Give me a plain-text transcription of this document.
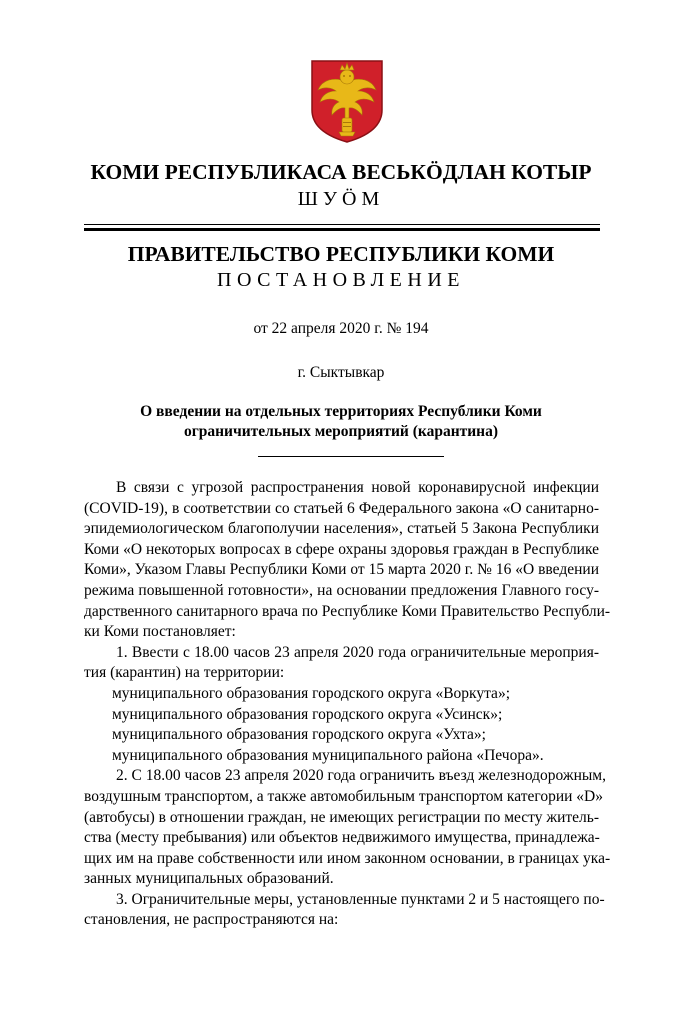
КОМИ РЕСПУБЛИКАСА ВЕСЬКÖДЛАН КОТЫР
ШУÖМ
ПРАВИТЕЛЬСТВО РЕСПУБЛИКИ КОМИ
ПОСТАНОВЛЕНИЕ
от 22 апреля 2020 г. № 194
г. Сыктывкар
О введении на отдельных территориях Республики Коми
ограничительных мероприятий (карантина)
В связи с угрозой распространения новой коронавирусной инфекции
(COVID-19), в соответствии со статьей 6 Федерального закона «О санитарно-
эпидемиологическом благополучии населения», статьей 5 Закона Республики
Коми «О некоторых вопросах в сфере охраны здоровья граждан в Республике
Коми», Указом Главы Республики Коми от 15 марта 2020 г. № 16 «О введении
режима повышенной готовности», на основании предложения Главного госу-
дарственного санитарного врача по Республике Коми Правительство Республи-
ки Коми постановляет:
1. Ввести с 18.00 часов 23 апреля 2020 года ограничительные мероприя-
тия (карантин) на территории:
муниципального образования городского округа «Воркута»;
муниципального образования городского округа «Усинск»;
муниципального образования городского округа «Ухта»;
муниципального образования муниципального района «Печора».
2. С 18.00 часов 23 апреля 2020 года ограничить въезд железнодорожным,
воздушным транспортом, а также автомобильным транспортом категории «D»
(автобусы) в отношении граждан, не имеющих регистрации по месту житель-
ства (месту пребывания) или объектов недвижимого имущества, принадлежа-
щих им на праве собственности или ином законном основании, в границах ука-
занных муниципальных образований.
3. Ограничительные меры, установленные пунктами 2 и 5 настоящего по-
становления, не распространяются на:
